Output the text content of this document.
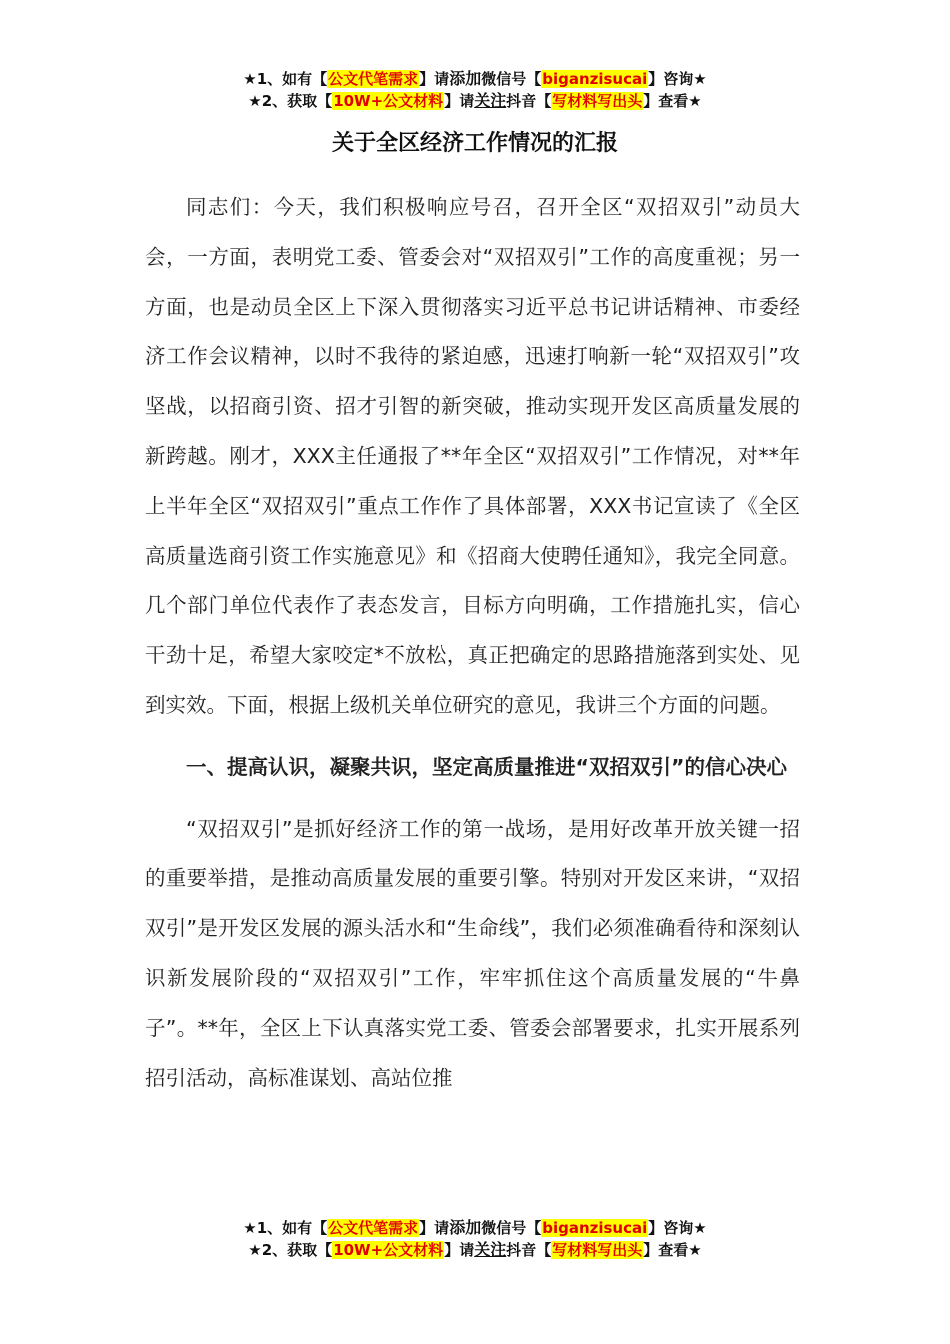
★1、如有【公文代笔需求】请添加微信号【biganzisucai】咨询★
★2、获取【10W+公文材料】请关注抖音【写材料写出头】查看★
关于全区经济工作情况的汇报

同志们：今天，我们积极响应号召，召开全区“双招双引”动员大会，一方面，表明党工委、管委会对“双招双引”工作的高度重视；另一方面，也是动员全区上下深入贯彻落实习近平总书记讲话精神、市委经济工作会议精神，以时不我待的紧迫感，迅速打响新一轮“双招双引”攻坚战，以招商引资、招才引智的新突破，推动实现开发区高质量发展的新跨越。刚才，XXX主任通报了**年全区“双招双引”工作情况，对**年上半年全区“双招双引”重点工作作了具体部署，XXX书记宣读了《全区高质量选商引资工作实施意见》和《招商大使聘任通知》，我完全同意。几个部门单位代表作了表态发言，目标方向明确，工作措施扎实，信心干劲十足，希望大家咬定*不放松，真正把确定的思路措施落到实处、见到实效。下面，根据上级机关单位研究的意见，我讲三个方面的问题。

一、提高认识，凝聚共识，坚定高质量推进“双招双引”的信心决心

“双招双引”是抓好经济工作的第一战场，是用好改革开放关键一招的重要举措，是推动高质量发展的重要引擎。特别对开发区来讲，“双招双引”是开发区发展的源头活水和“生命线”，我们必须准确看待和深刻认识新发展阶段的“双招双引”工作，牢牢抓住这个高质量发展的“牛鼻子”。**年，全区上下认真落实党工委、管委会部署要求，扎实开展系列招引活动，高标准谋划、高站位推

★1、如有【公文代笔需求】请添加微信号【biganzisucai】咨询★
★2、获取【10W+公文材料】请关注抖音【写材料写出头】查看★
